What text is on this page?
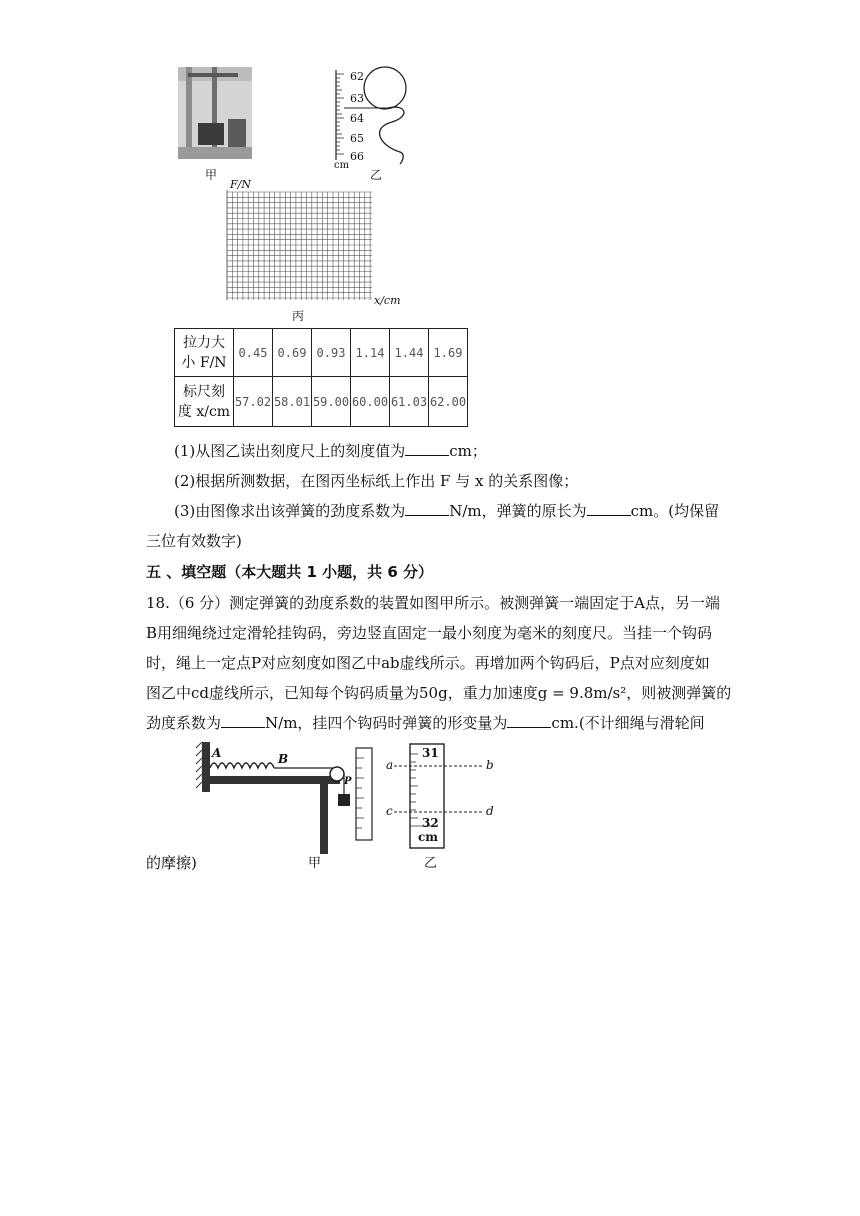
甲
62
63
64
65
66
cm
乙
F/N
x/cm
丙
拉力大
小 F/N	0.45	0.69	0.93	1.14	1.44	1.69

标尺刻
度 x/cm	57.02	58.01	59.00	60.00	61.03	62.00
(1)从图乙读出刻度尺上的刻度值为	cm；
(2)根据所测数据，在图丙坐标纸上作出 F 与 x 的关系图像；
(3)由图像求出该弹簧的劲度系数为	N/m，弹簧的原长为	cm。(均保留
三位有效数字)
五 、填空题（本大题共 1 小题，共 6 分）
18.（6 分）测定弹簧的劲度系数的装置如图甲所示。被测弹簧一端固定于A点，另一端
B用细绳绕过定滑轮挂钩码，旁边竖直固定一最小刻度为毫米的刻度尺。当挂一个钩码
时，绳上一定点P对应刻度如图乙中ab虚线所示。再增加两个钩码后，P点对应刻度如
图乙中cd虚线所示，已知每个钩码质量为50g，重力加速度g = 9.8m/s²，则被测弹簧的
劲度系数为	N/m，挂四个钩码时弹簧的形变量为	cm.(不计细绳与滑轮间
A	B
P
a	b
c	d
31
32
cm
甲	乙
的摩擦)
